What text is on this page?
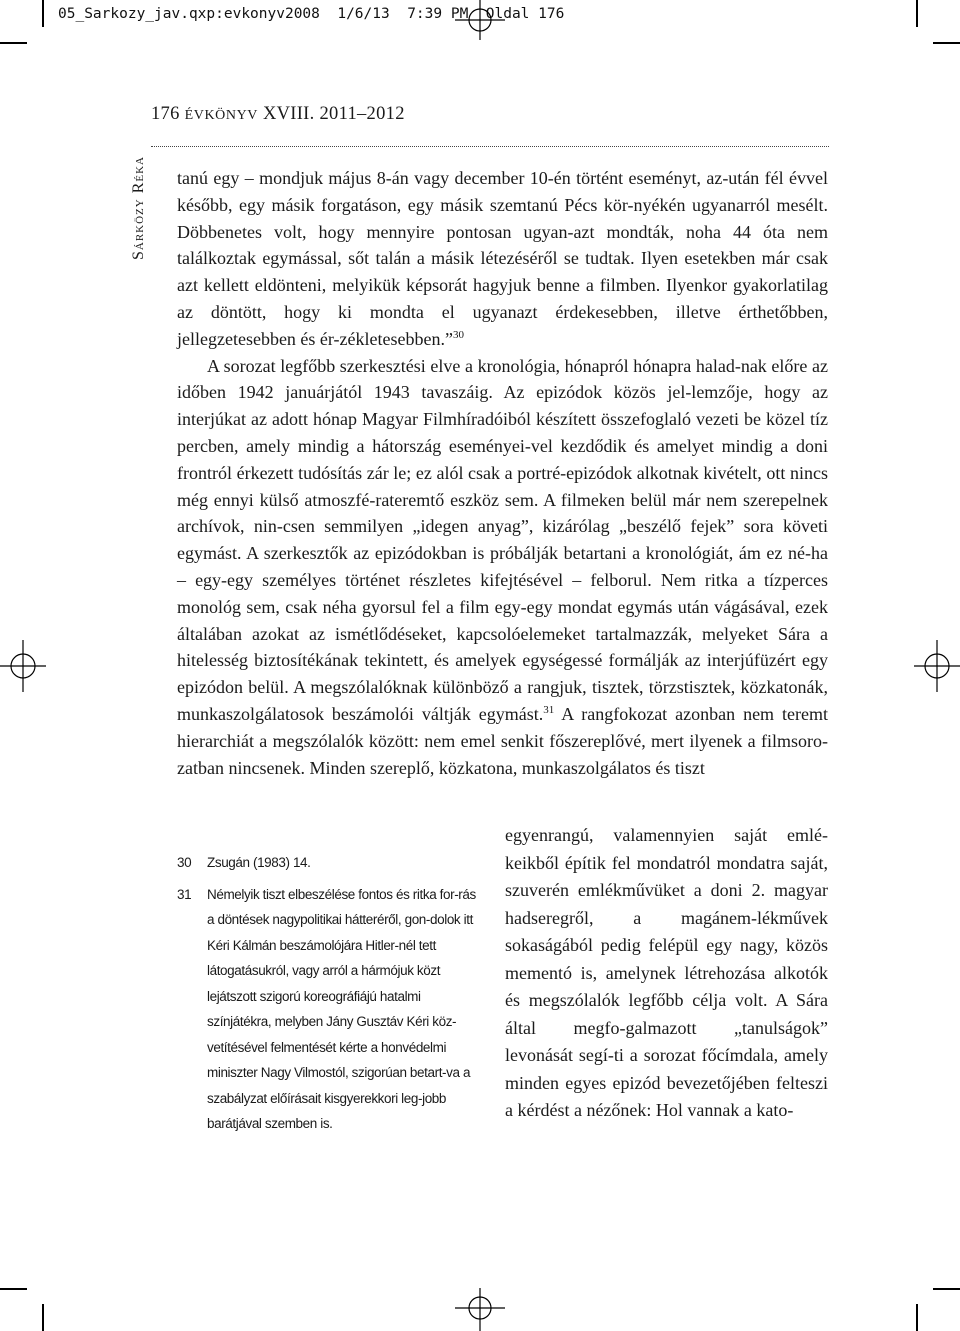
05_Sarkozy_jav.qxp:evkonyv2008  1/6/13  7:39 PM  Oldal 176
176 ÉVKÖNYV XVIII. 2011–2012
Sárközy Réka tanú egy – mondjuk május 8-án vagy december 10-én történt eseményt, az-után fél évvel később, egy másik forgatáson, egy másik szemtanú Pécs kör-nyékén ugyanarról mesélt. Döbbenetes volt, hogy mennyire pontosan ugyan-azt mondták, noha 44 óta nem találkoztak egymással, sőt talán a másik létezéséről se tudtak. Ilyen esetekben már csak azt kellett eldönteni, melyikük képsorát hagyjuk benne a filmben. Ilyenkor gyakorlatilag az döntött, hogy ki mondta el ugyanazt érdekesebben, illetve érthetőbben, jellegzetesebben és ér-zékletesebben.”$^{30}$

A sorozat legfőbb szerkesztési elve a kronológia, hónapról hónapra halad-nak előre az időben 1942 januárjától 1943 tavaszáig. Az epizódok közös jel-lemzője, hogy az interjúkat az adott hónap Magyar Filmhíradóiból készített összefoglaló vezeti be közel tíz percben, amely mindig a hátország eseményei-vel kezdődik és amelyet mindig a doni frontról érkezett tudósítás zár le; ez alól csak a portré-epizódok alkotnak kivételt, ott nincs még ennyi külső atmoszfé-rateremtő eszköz sem. A filmeken belül már nem szerepelnek archívok, nin-csen semmilyen „idegen anyag”, kizárólag „beszélő fejek” sora követi egymást. A szerkesztők az epizódokban is próbálják betartani a kronológiát, ám ez né-ha – egy-egy személyes történet részletes kifejtésével – felborul. Nem ritka a tízperces monológ sem, csak néha gyorsul fel a film egy-egy mondat egymás után vágásával, ezek általában azokat az ismétlődéseket, kapcsolóelemeket tartalmazzák, melyeket Sára a hitelesség biztosítékának tekintett, és amelyek egységessé formálják az interjúfüzért egy epizódon belül. A megszólalóknak különböző a rangjuk, tisztek, törzstisztek, közkatonák, munkaszolgálatosok beszámolói váltják egymást.$^{31}$ A rangfokozat azonban nem teremt hierarchiát a megszólalók között: nem emel senkit főszereplővé, mert ilyenek a filmsoro-zatban nincsenek. Minden szereplő, közkatona, munkaszolgálatos és tiszt

egyenrangú, valamennyien saját emlé-keikből építik fel mondatról mondatra saját, szuverén emlékművüket a doni 2. magyar hadseregről, a magánem-lékművek sokaságából pedig felépül egy nagy, közös mementó is, amelynek létrehozása alkotók és megszólalók legfőbb célja volt. A Sára által megfo-galmazott „tanulságok” levonását segí-ti a sorozat főcímdala, amely minden egyes epizód bevezetőjében felteszi a kérdést a nézőnek: Hol vannak a kato-
30 Zsugán (1983) 14.
31 Némelyik tiszt elbeszélése fontos és ritka for-rás a döntések nagypolitikai hátteréről, gon-dolok itt Kéri Kálmán beszámolójára Hitler-nél tett látogatásukról, vagy arról a hármójuk közt lejátszott szigorú koreográfiájú hatalmi színjátékra, melyben Jány Gusztáv Kéri köz-vetítésével felmentését kérte a honvédelmi miniszter Nagy Vilmostól, szigorúan betart-va a szabályzat előírásait kisgyerekkori leg-jobb barátjával szemben is.
